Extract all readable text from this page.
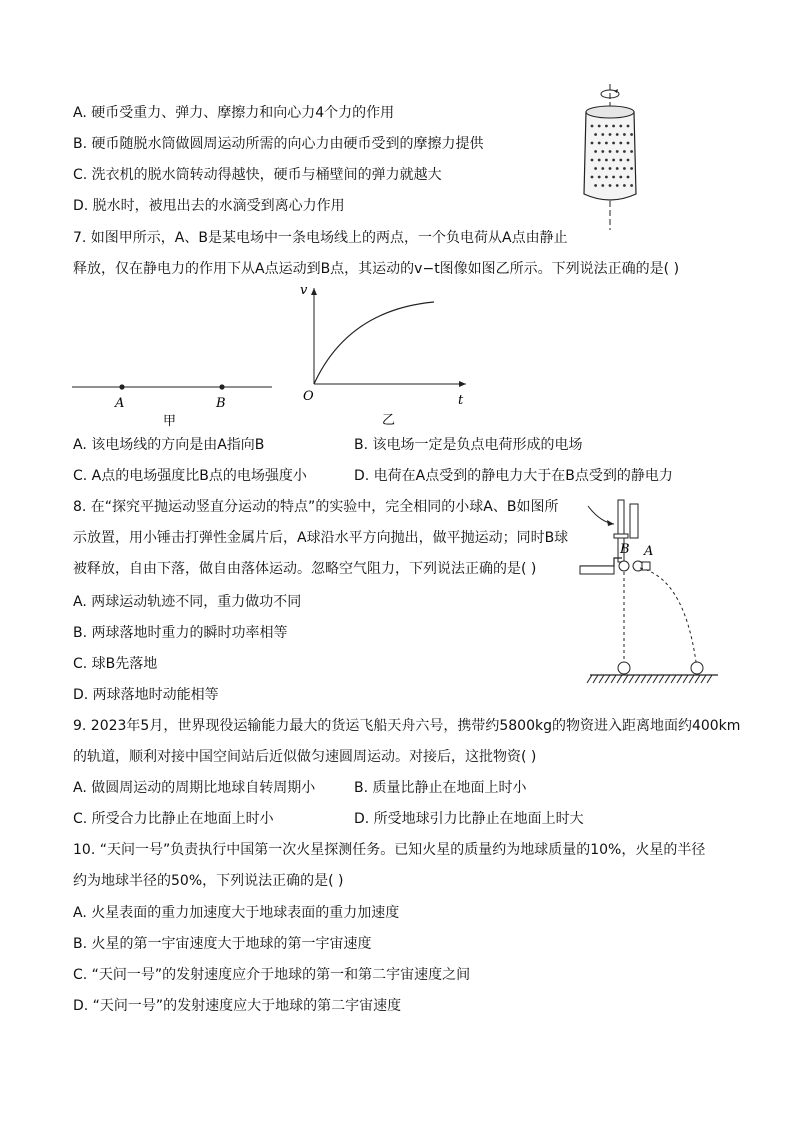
A. 硬币受重力、弹力、摩擦力和向心力4个力的作用
B. 硬币随脱水筒做圆周运动所需的向心力由硬币受到的摩擦力提供
C. 洗衣机的脱水筒转动得越快，硬币与桶壁间的弹力就越大
D. 脱水时，被甩出去的水滴受到离心力作用
7. 如图甲所示，A、B是某电场中一条电场线上的两点，一个负电荷从A点由静止
释放，仅在静电力的作用下从A点运动到B点，其运动的v−t图像如图乙所示。下列说法正确的是( )
A	B
甲
v
O	t
乙
A. 该电场线的方向是由A指向B	B. 该电场一定是负点电荷形成的电场
C. A点的电场强度比B点的电场强度小	D. 电荷在A点受到的静电力大于在B点受到的静电力
8. 在“探究平抛运动竖直分运动的特点”的实验中，完全相同的小球A、B如图所
示放置，用小锤击打弹性金属片后，A球沿水平方向抛出，做平抛运动；同时B球
被释放，自由下落，做自由落体运动。忽略空气阻力，下列说法正确的是( )
B A
A. 两球运动轨迹不同，重力做功不同
B. 两球落地时重力的瞬时功率相等
C. 球B先落地
D. 两球落地时动能相等
9. 2023年5月，世界现役运输能力最大的货运飞船天舟六号，携带约5800kg的物资进入距离地面约400km
的轨道，顺利对接中国空间站后近似做匀速圆周运动。对接后，这批物资( )
A. 做圆周运动的周期比地球自转周期小	B. 质量比静止在地面上时小
C. 所受合力比静止在地面上时小	D. 所受地球引力比静止在地面上时大
10. “天问一号”负责执行中国第一次火星探测任务。已知火星的质量约为地球质量的10%，火星的半径
约为地球半径的50%，下列说法正确的是( )
A. 火星表面的重力加速度大于地球表面的重力加速度
B. 火星的第一宇宙速度大于地球的第一宇宙速度
C. “天问一号”的发射速度应介于地球的第一和第二宇宙速度之间
D. “天问一号”的发射速度应大于地球的第二宇宙速度
